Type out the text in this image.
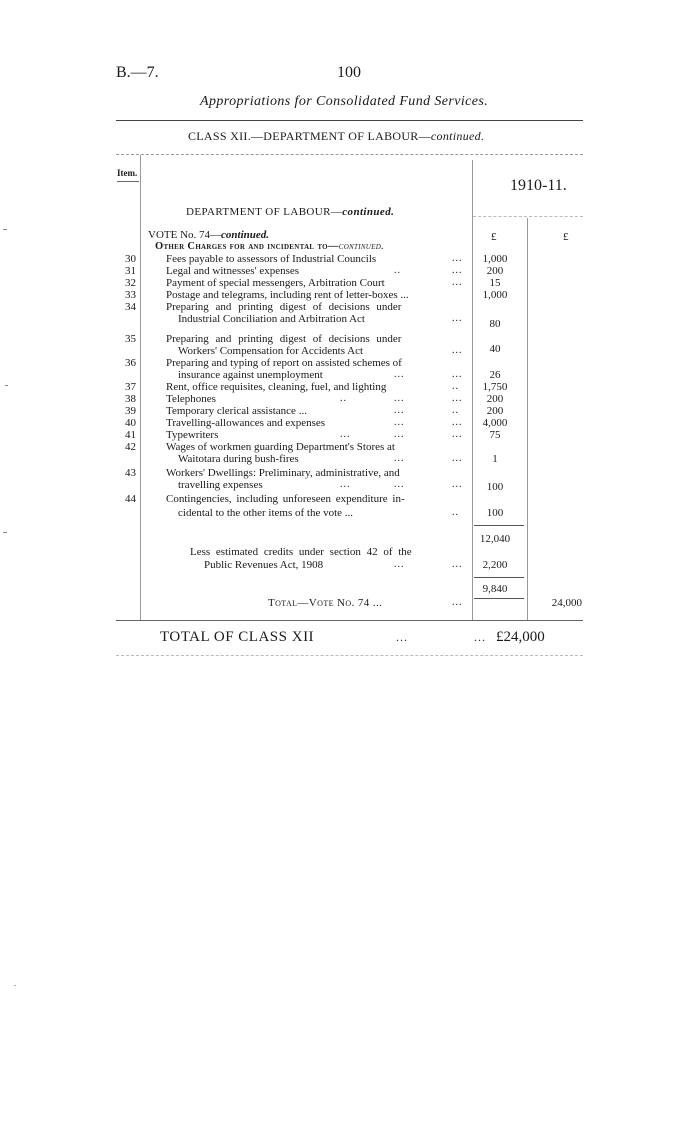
B.—7.	100
Appropriations for Consolidated Fund Services.
CLASS XII.—DEPARTMENT OF LABOUR—continued.
Item.
1910-11.
DEPARTMENT OF LABOUR—continued.
VOTE No. 74—continued.
Other Charges for and incidental to—continued.
£	£
30	Fees payable to assessors of Industrial Councils	...	1,000
31	Legal and witnesses' expenses	..	...	200
32	Payment of special messengers, Arbitration Court	...	15
33	Postage and telegrams, including rent of letter-boxes ...	1,000
34	Preparing and printing digest of decisions under
Industrial Conciliation and Arbitration Act	...	80
35	Preparing and printing digest of decisions under
Workers' Compensation for Accidents Act	...	40
36	Preparing and typing of report on assisted schemes of
insurance against unemployment	...	...	26
37	Rent, office requisites, cleaning, fuel, and lighting	..	1,750
38	Telephones	..	...	...	200
39	Temporary clerical assistance ...	...	..	200
40	Travelling-allowances and expenses	...	...	4,000
41	Typewriters	...	...	...	75
42	Wages of workmen guarding Department's Stores at
Waitotara during bush-fires	...	...	1
43	Workers' Dwellings: Preliminary, administrative, and
travelling expenses	...	...	...	100
44	Contingencies, including unforeseen expenditure in-
cidental to the other items of the vote ...	..	100
12,040
Less estimated credits under section 42 of the
Public Revenues Act, 1908	...	...	2,200
9,840
Total—Vote No. 74 ...	...	24,000
TOTAL OF CLASS XII	...	... £24,000
